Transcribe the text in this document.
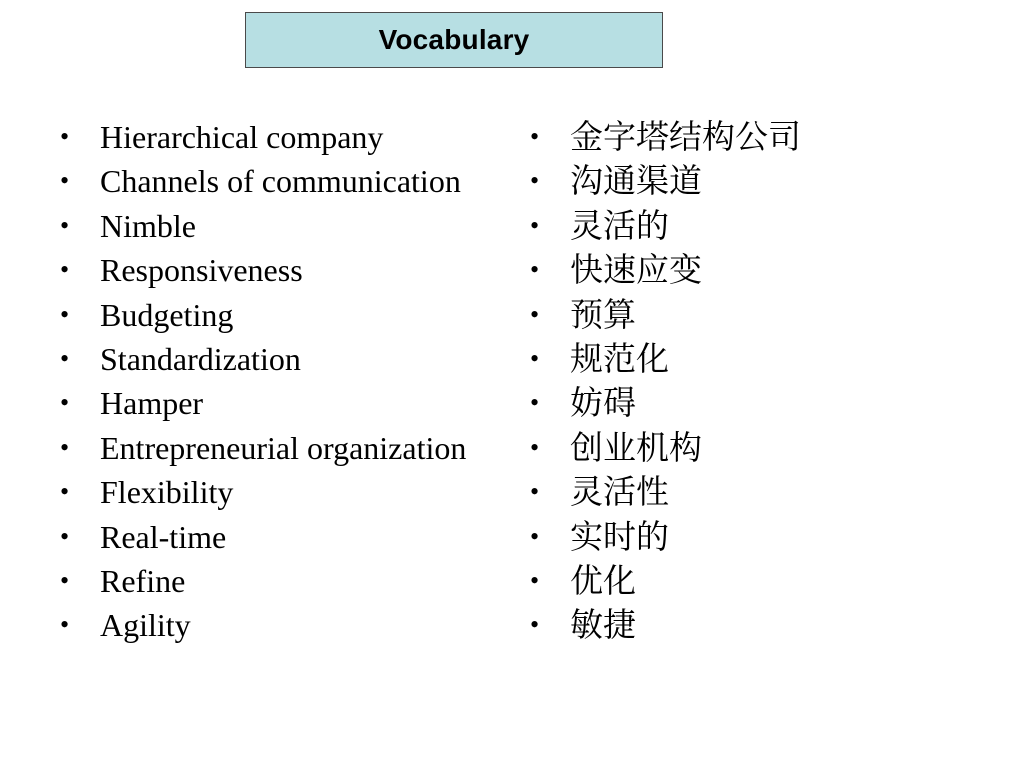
Vocabulary
• Hierarchical company
• Channels of communication
• Nimble
• Responsiveness
• Budgeting
• Standardization
• Hamper
• Entrepreneurial organization
• Flexibility
• Real-time
• Refine
• Agility
• 金字塔结构公司
• 沟通渠道
• 灵活的
• 快速应变
• 预算
• 规范化
• 妨碍
• 创业机构
• 灵活性
• 实时的
• 优化
• 敏捷
